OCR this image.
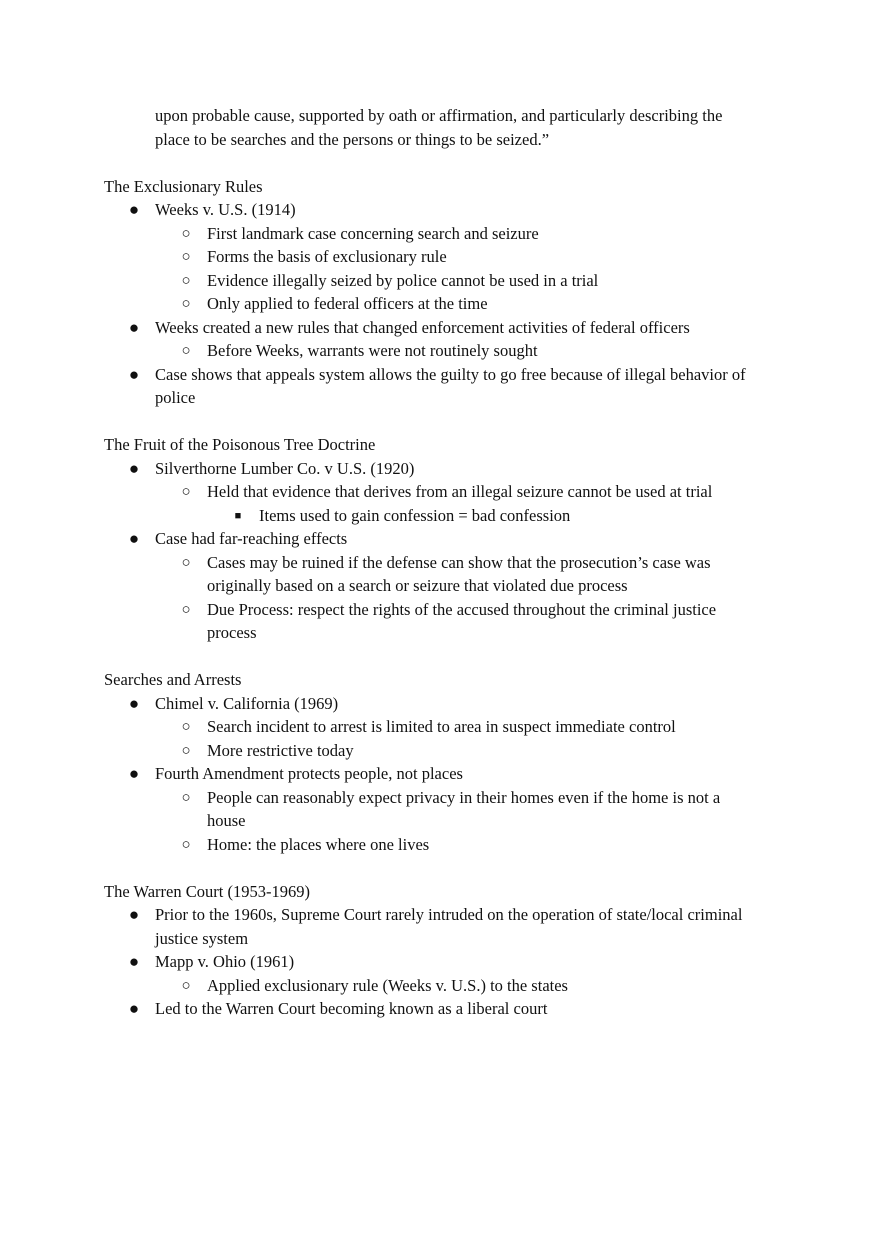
upon probable cause, supported by oath or affirmation, and particularly describing the
place to be searches and the persons or things to be seized.”
The Exclusionary Rules
● Weeks v. U.S. (1914)
○ First landmark case concerning search and seizure
○ Forms the basis of exclusionary rule
○ Evidence illegally seized by police cannot be used in a trial
○ Only applied to federal officers at the time
● Weeks created a new rules that changed enforcement activities of federal officers
○ Before Weeks, warrants were not routinely sought
● Case shows that appeals system allows the guilty to go free because of illegal behavior of
police
The Fruit of the Poisonous Tree Doctrine
● Silverthorne Lumber Co. v U.S. (1920)
○ Held that evidence that derives from an illegal seizure cannot be used at trial
■ Items used to gain confession = bad confession
● Case had far-reaching effects
○ Cases may be ruined if the defense can show that the prosecution’s case was
originally based on a search or seizure that violated due process
○ Due Process: respect the rights of the accused throughout the criminal justice
process
Searches and Arrests
● Chimel v. California (1969)
○ Search incident to arrest is limited to area in suspect immediate control
○ More restrictive today
● Fourth Amendment protects people, not places
○ People can reasonably expect privacy in their homes even if the home is not a
house
○ Home: the places where one lives
The Warren Court (1953-1969)
● Prior to the 1960s, Supreme Court rarely intruded on the operation of state/local criminal
justice system
● Mapp v. Ohio (1961)
○ Applied exclusionary rule (Weeks v. U.S.) to the states
● Led to the Warren Court becoming known as a liberal court
